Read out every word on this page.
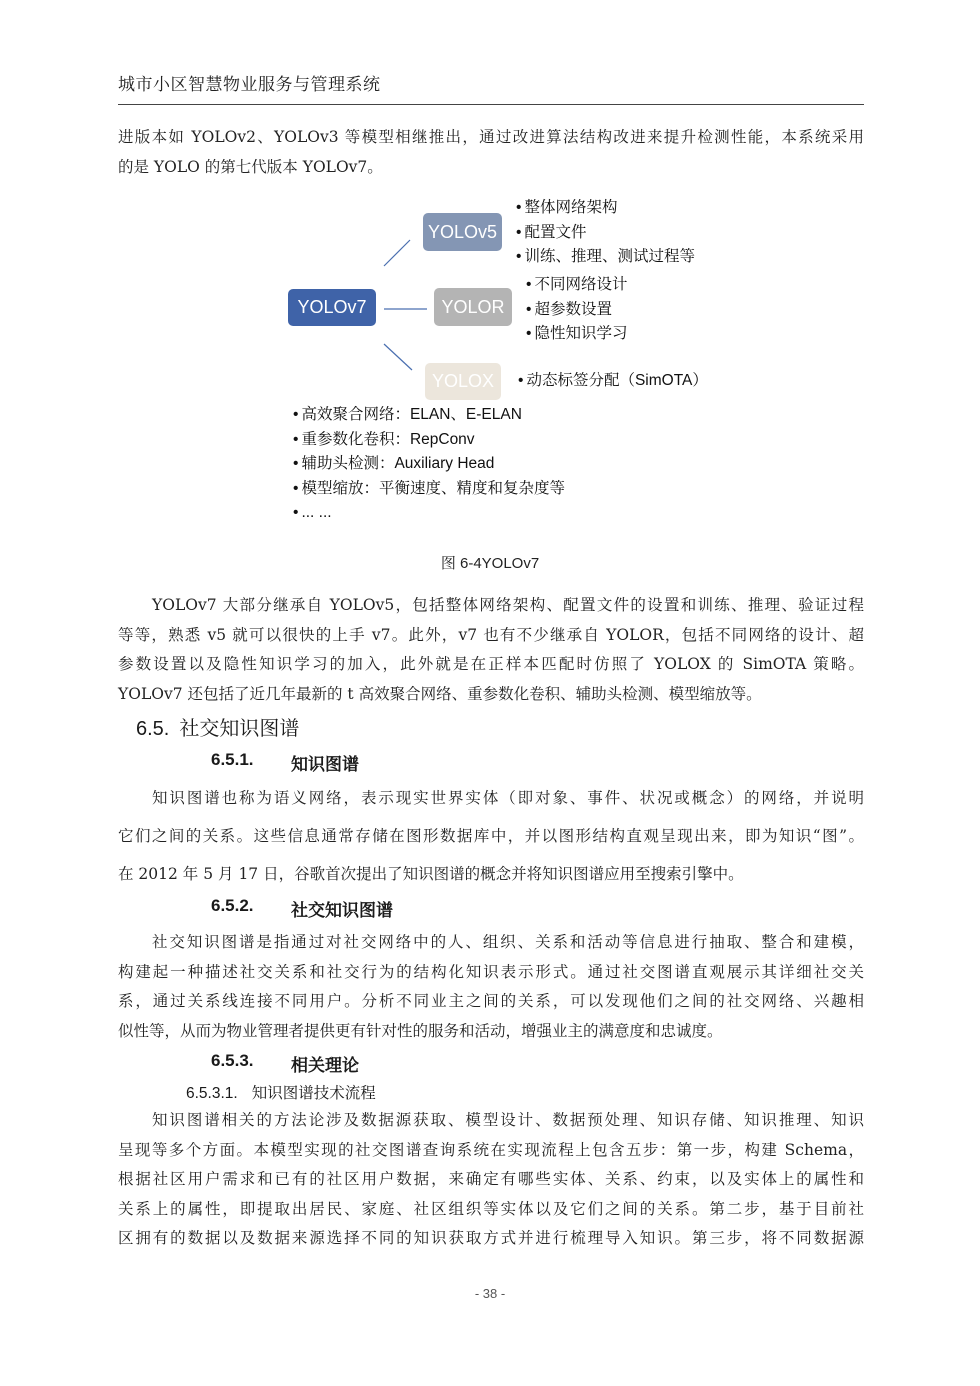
城市小区智慧物业服务与管理系统
进版本如 YOLOv2、YOLOv3 等模型相继推出，通过改进算法结构改进来提升检测性能，本系统采用
的是 YOLO 的第七代版本 YOLOv7。
YOLOv7
YOLOv5
YOLOR
YOLOX
• 整体网络架构
• 配置文件
• 训练、推理、测试过程等
• 不同网络设计
• 超参数设置
• 隐性知识学习
• 动态标签分配（SimOTA）
• 高效聚合网络：ELAN、E-ELAN
• 重参数化卷积：RepConv
• 辅助头检测：Auxiliary Head
• 模型缩放：平衡速度、精度和复杂度等
• ... ...
图 6-4YOLOv7
YOLOv7 大部分继承自 YOLOv5，包括整体网络架构、配置文件的设置和训练、推理、验证过程
等等，熟悉 v5 就可以很快的上手 v7。此外，v7 也有不少继承自 YOLOR，包括不同网络的设计、超
参数设置以及隐性知识学习的加入，此外就是在正样本匹配时仿照了 YOLOX 的 SimOTA 策略。
YOLOv7 还包括了近几年最新的 t 高效聚合网络、重参数化卷积、辅助头检测、模型缩放等。
6.5. 社交知识图谱
6.5.1. 知识图谱
知识图谱也称为语义网络，表示现实世界实体（即对象、事件、状况或概念）的网络，并说明
它们之间的关系。这些信息通常存储在图形数据库中，并以图形结构直观呈现出来，即为知识“图”。
在 2012 年 5 月 17 日，谷歌首次提出了知识图谱的概念并将知识图谱应用至搜索引擎中。
6.5.2. 社交知识图谱
社交知识图谱是指通过对社交网络中的人、组织、关系和活动等信息进行抽取、整合和建模，
构建起一种描述社交关系和社交行为的结构化知识表示形式。通过社交图谱直观展示其详细社交关
系，通过关系线连接不同用户。分析不同业主之间的关系，可以发现他们之间的社交网络、兴趣相
似性等，从而为物业管理者提供更有针对性的服务和活动，增强业主的满意度和忠诚度。
6.5.3. 相关理论
6.5.3.1. 知识图谱技术流程
知识图谱相关的方法论涉及数据源获取、模型设计、数据预处理、知识存储、知识推理、知识
呈现等多个方面。本模型实现的社交图谱查询系统在实现流程上包含五步：第一步，构建 Schema，
根据社区用户需求和已有的社区用户数据，来确定有哪些实体、关系、约束，以及实体上的属性和
关系上的属性，即提取出居民、家庭、社区组织等实体以及它们之间的关系。第二步，基于目前社
区拥有的数据以及数据来源选择不同的知识获取方式并进行梳理导入知识。第三步，将不同数据源
- 38 -
